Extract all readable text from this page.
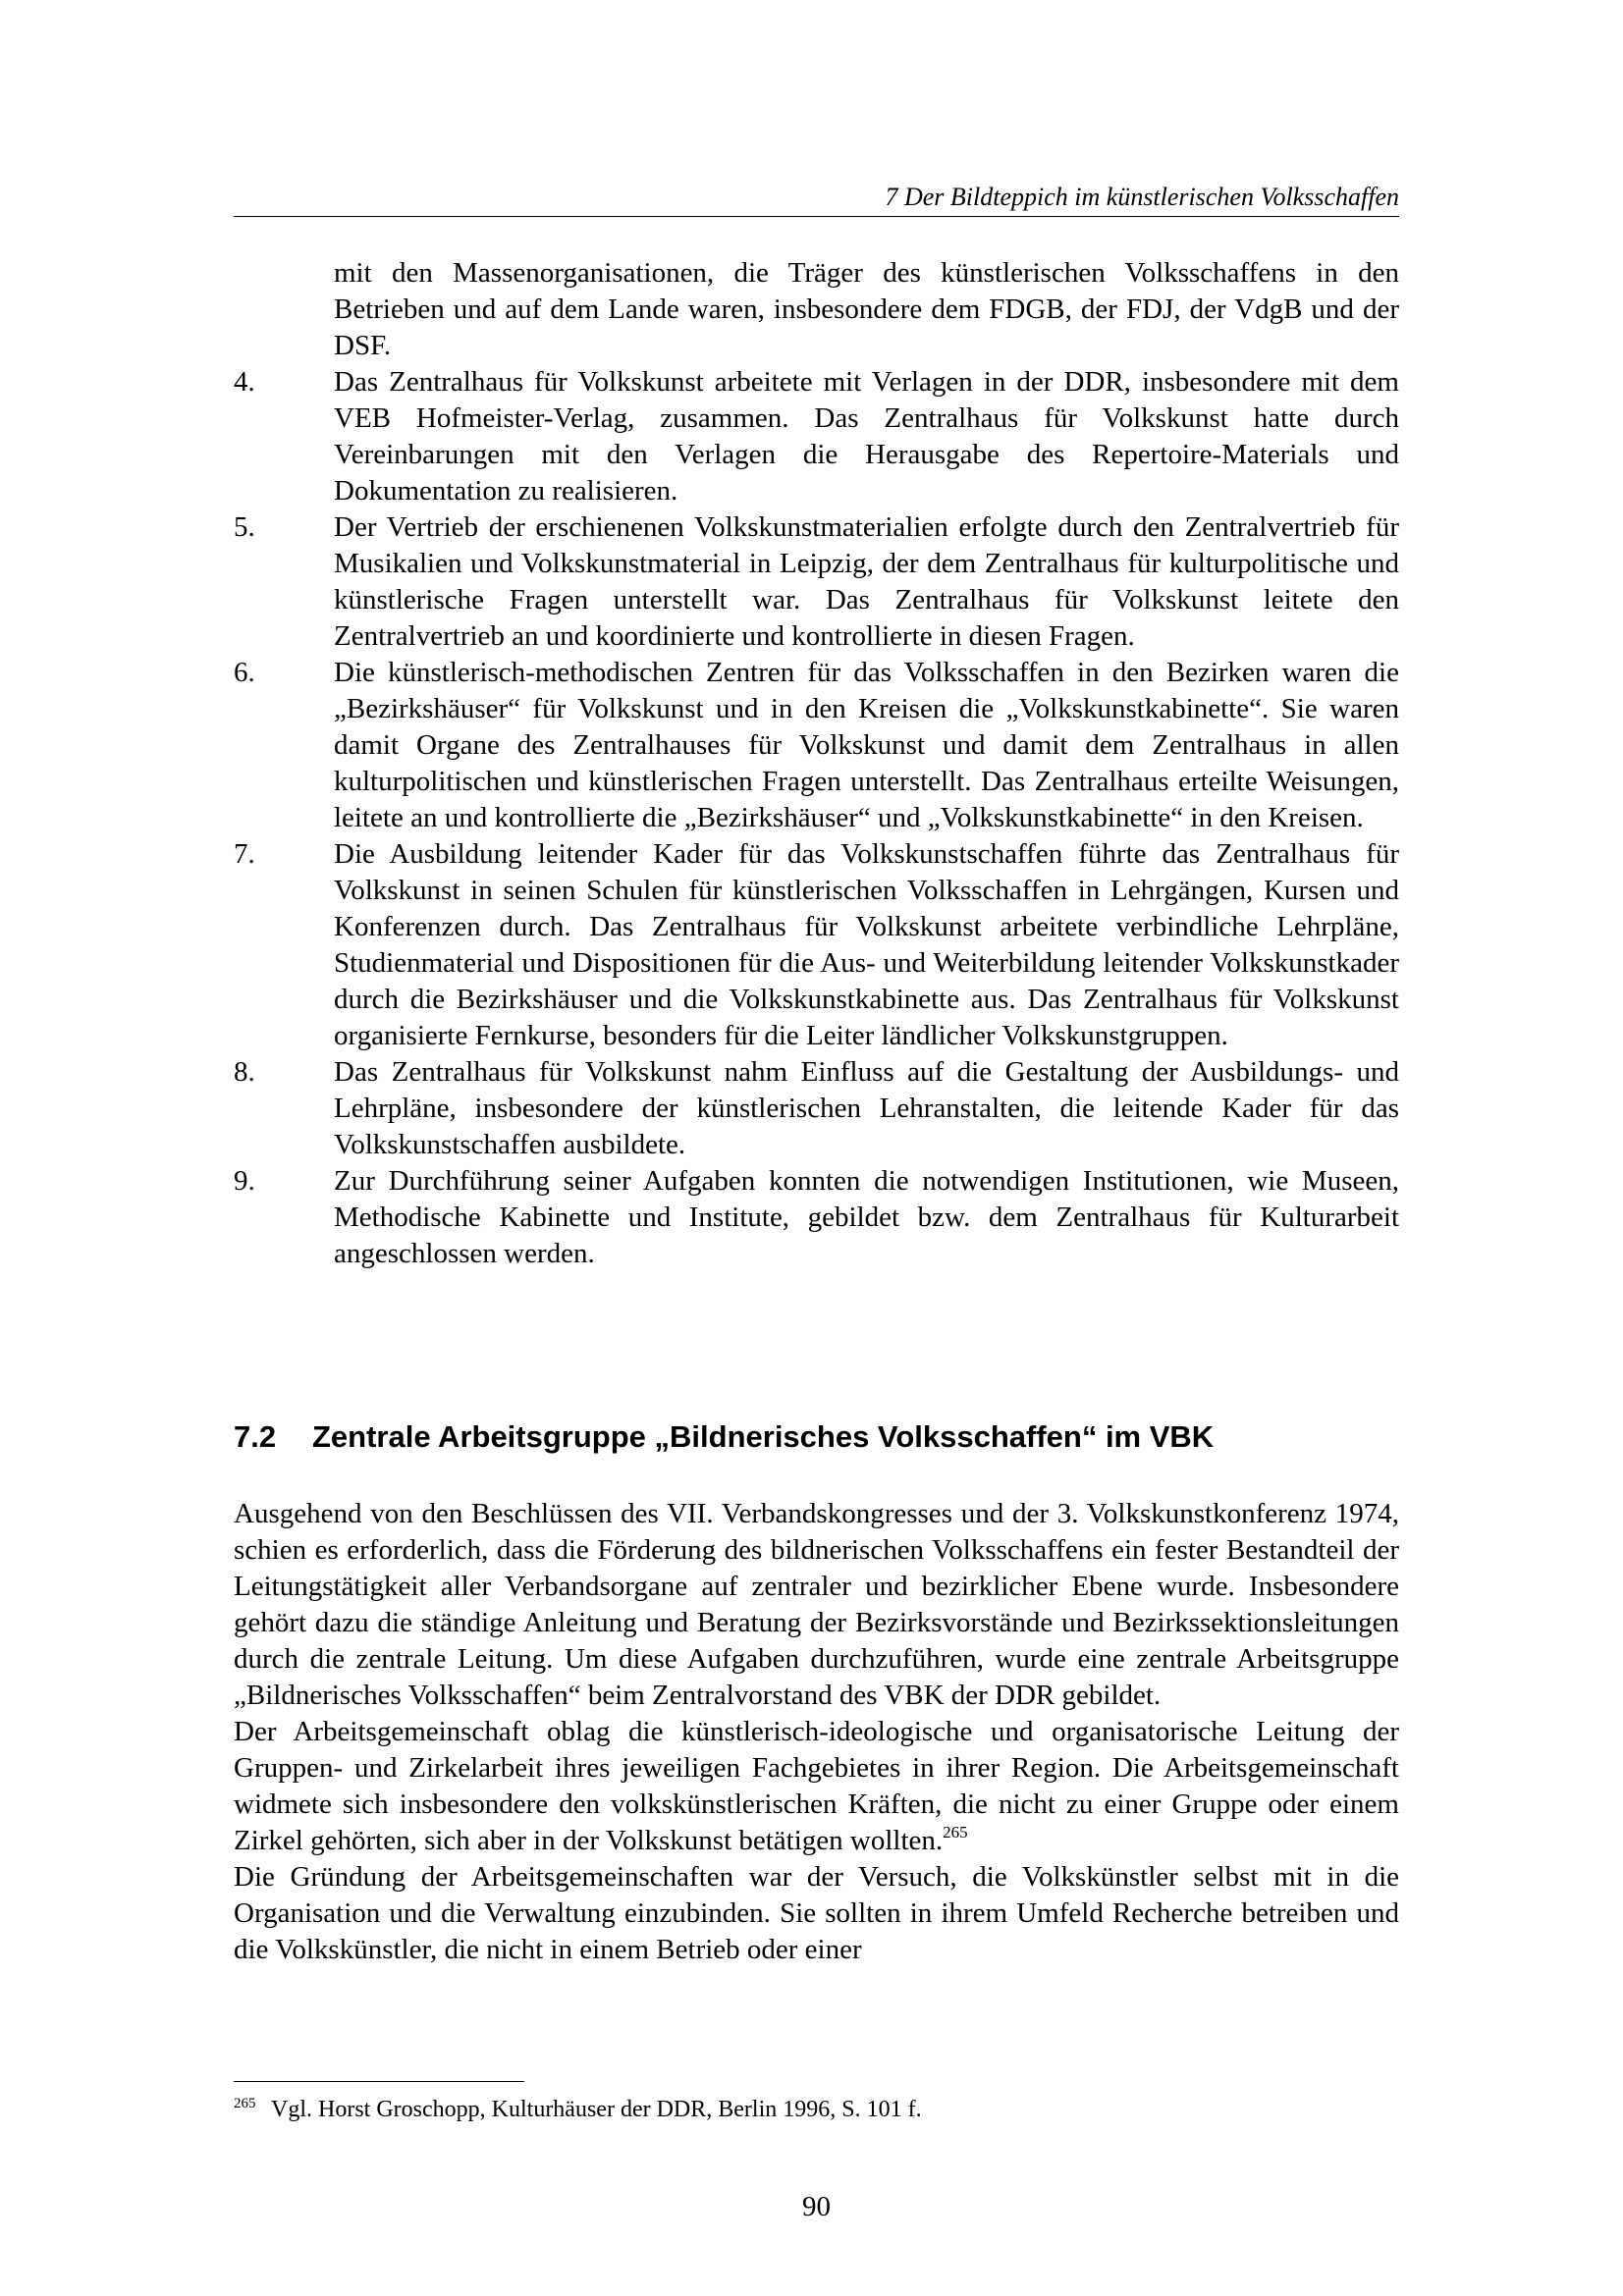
7 Der Bildteppich im künstlerischen Volksschaffen
mit den Massenorganisationen, die Träger des künstlerischen Volksschaffens in den Betrieben und auf dem Lande waren, insbesondere dem FDGB, der FDJ, der VdgB und der DSF.
4.	Das Zentralhaus für Volkskunst arbeitete mit Verlagen in der DDR, insbesondere mit dem VEB Hofmeister-Verlag, zusammen. Das Zentralhaus für Volkskunst hatte durch Vereinbarungen mit den Verlagen die Herausgabe des Repertoire-Materials und Dokumentation zu realisieren.
5.	Der Vertrieb der erschienenen Volkskunstmaterialien erfolgte durch den Zentralvertrieb für Musikalien und Volkskunstmaterial in Leipzig, der dem Zentralhaus für kulturpolitische und künstlerische Fragen unterstellt war. Das Zentralhaus für Volkskunst leitete den Zentralvertrieb an und koordinierte und kontrollierte in diesen Fragen.
6.	Die künstlerisch-methodischen Zentren für das Volksschaffen in den Bezirken waren die „Bezirkshäuser“ für Volkskunst und in den Kreisen die „Volkskunstkabinette“. Sie waren damit Organe des Zentralhauses für Volkskunst und damit dem Zentralhaus in allen kulturpolitischen und künstlerischen Fragen unterstellt. Das Zentralhaus erteilte Weisungen, leitete an und kontrollierte die „Bezirkshäuser“ und „Volkskunstkabinette“ in den Kreisen.
7.	Die Ausbildung leitender Kader für das Volkskunstschaffen führte das Zentralhaus für Volkskunst in seinen Schulen für künstlerischen Volksschaffen in Lehrgängen, Kursen und Konferenzen durch. Das Zentralhaus für Volkskunst arbeitete verbindliche Lehrpläne, Studienmaterial und Dispositionen für die Aus- und Weiterbildung leitender Volkskunstkader durch die Bezirkshäuser und die Volkskunstkabinette aus. Das Zentralhaus für Volkskunst organisierte Fernkurse, besonders für die Leiter ländlicher Volkskunstgruppen.
8.	Das Zentralhaus für Volkskunst nahm Einfluss auf die Gestaltung der Ausbildungs- und Lehrpläne, insbesondere der künstlerischen Lehranstalten, die leitende Kader für das Volkskunstschaffen ausbildete.
9.	Zur Durchführung seiner Aufgaben konnten die notwendigen Institutionen, wie Museen, Methodische Kabinette und Institute, gebildet bzw. dem Zentralhaus für Kulturarbeit angeschlossen werden.
7.2 Zentrale Arbeitsgruppe „Bildnerisches Volksschaffen“ im VBK

Ausgehend von den Beschlüssen des VII. Verbandskongresses und der 3. Volkskunstkonferenz 1974, schien es erforderlich, dass die Förderung des bildnerischen Volksschaffens ein fester Bestandteil der Leitungstätigkeit aller Verbandsorgane auf zentraler und bezirklicher Ebene wurde. Insbesondere gehört dazu die ständige Anleitung und Beratung der Bezirksvorstände und Bezirkssektionsleitungen durch die zentrale Leitung. Um diese Aufgaben durchzuführen, wurde eine zentrale Arbeitsgruppe „Bildnerisches Volksschaffen“ beim Zentralvorstand des VBK der DDR gebildet.

Der Arbeitsgemeinschaft oblag die künstlerisch-ideologische und organisatorische Leitung der Gruppen- und Zirkelarbeit ihres jeweiligen Fachgebietes in ihrer Region. Die Arbeitsgemeinschaft widmete sich insbesondere den volkskünstlerischen Kräften, die nicht zu einer Gruppe oder einem Zirkel gehörten, sich aber in der Volkskunst betätigen wollten.$^{265}$

Die Gründung der Arbeitsgemeinschaften war der Versuch, die Volkskünstler selbst mit in die Organisation und die Verwaltung einzubinden. Sie sollten in ihrem Umfeld Recherche betreiben und die Volkskünstler, die nicht in einem Betrieb oder einer

$^{265}$ Vgl. Horst Groschopp, Kulturhäuser der DDR, Berlin 1996, S. 101 f.
90
